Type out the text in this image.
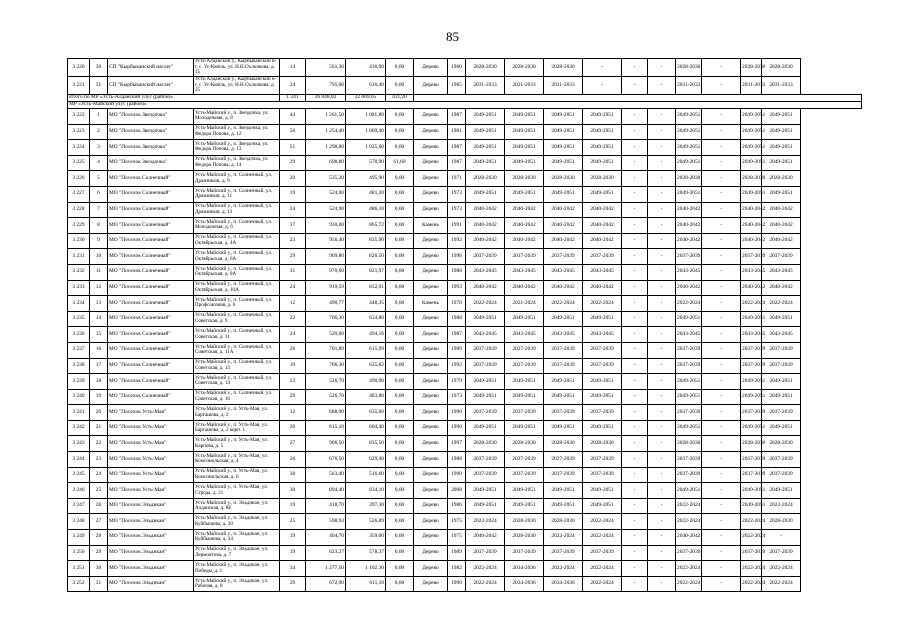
85
3 220	30	СП "Кырбыканский наслег"	Усть-Алданский у., Кырбыканский н-г, с. Ус-Кюёль, ул. Н.Н.Охлопкова, д. 15	14	561,30	436,00	0,00	Дерево	1960	2028-2030	2028-2030	2028-2030	-	-	-	2028-2030	-	2028-2030	2028-2030
3 221	31	СП "Кырбыканский наслег"	Усть-Алданский у., Кырбыканский н-г, с. Ус-Кюёль, ул. Н.Н.Охлопкова, д. 25	24	795,00	616,40	0,00	Дерево	1985	2031-2033	2031-2033	2031-2033	-	-	-	2031-2033	-	2031-2033	2031-2033
Итого по МР «Усть-Алданский улус (район)»				1 241	26 048,02	22 669,65	431,20												
МР «Усть-Майский улус (район)»																			
3 222	1	МО "Поселок Звездочка"	Усть-Майский у., п. Звездочка, ул. Молодежная, д. 8	44	1 261,50	1 081,80	0,00	Дерево	1987	2049-2051	2049-2051	2049-2051	2049-2051	-	-	2049-2051	-	2049-2051	2049-2051
3 223	2	МО "Поселок Звездочка"	Усть-Майский у., п. Звездочка, ул. Федора Попова, д. 12	56	1 254,40	1 069,40	0,00	Дерево	1981	2049-2051	2049-2051	2049-2051	2049-2051	-	-	2049-2051	-	2049-2051	2049-2051
3 224	3	МО "Поселок Звездочка"	Усть-Майский у., п. Звездочка, ул. Федора Попова, д. 13	51	1 298,80	1 025,60	0,00	Дерево	1987	2049-2051	2049-2051	2049-2051	2049-2051	-	-	2049-2051	-	2049-2051	2049-2051
3 225	4	МО "Поселок Звездочка"	Усть-Майский у., п. Звездочка, ул. Федора Попова, д. 14	29	698,80	570,90	61,60	Дерево	1987	2049-2051	2049-2051	2049-2051	2049-2051	-	-	2049-2051	-	2049-2051	2049-2051
3 226	5	МО "Поселок Солнечный"	Усть-Майский у., п. Солнечный, ул. Дражников, д. 9	20	535,20	495,90	0,00	Дерево	1971	2028-2030	2028-2030	2028-2030	2028-2030	-	-	2028-2030	-	2028-2030	2028-2030
3 227	6	МО "Поселок Солнечный"	Усть-Майский у., п. Солнечный, ул. Дражников, д. 11	19	524,00	481,20	0,00	Дерево	1973	2049-2051	2049-2051	2049-2051	2049-2051	-	-	2049-2051	-	2049-2051	2049-2051
3 228	7	МО "Поселок Солнечный"	Усть-Майский у., п. Солнечный, ул. Дражников, д. 13	24	524,90	486,10	0,00	Дерево	1973	2040-2042	2040-2042	2040-2042	2040-2042	-	-	2040-2042	-	2040-2042	2040-2042
3 229	8	МО "Поселок Солнечный"	Усть-Майский у., п. Солнечный, ул. Молодежная, д. 6	37	930,00	865,72	0,00	Камень	1991	2040-2042	2040-2042	2040-2042	2040-2042	-	-	2040-2042	-	2040-2042	2040-2042
3 230	9	МО "Поселок Солнечный"	Усть-Майский у., п. Солнечный, ул. Октябрьская, д. 4А	23	956,40	835,90	0,00	Дерево	1992	2040-2042	2040-2042	2040-2042	2040-2042	-	-	2040-2042	-	2040-2042	2040-2042
3 231	10	МО "Поселок Солнечный"	Усть-Майский у., п. Солнечный, ул. Октябрьская, д. 6А	29	969,80	826,50	0,00	Дерево	1996	2037-2039	2037-2039	2037-2039	2037-2039	-	-	2037-2039	-	2037-2039	2037-2039
3 232	11	МО "Поселок Солнечный"	Усть-Майский у., п. Солнечный, ул. Октябрьская, д. 8А	31	970,60	821,97	0,00	Дерево	1988	2043-2045	2043-2045	2043-2045	2043-2045	-	-	2043-2045	-	2043-2045	2043-2045
3 233	12	МО "Поселок Солнечный"	Усть-Майский у., п. Солнечный, ул. Октябрьская, д. 10А	24	919,59	832,01	0,00	Дерево	1993	2040-2042	2040-2042	2040-2042	2040-2042	-	-	2040-2042	-	2040-2042	2040-2042
3 234	13	МО "Поселок Солнечный"	Усть-Майский у., п. Солнечный, ул. Профсоюзная, д. 6	12	490,77	448,35	0,00	Камень	1978	2022-2024	2021-2024	2022-2024	2022-2024	-	-	2022-2024	-	2022-2024	2022-2024
3 235	14	МО "Поселок Солнечный"	Усть-Майский у., п. Солнечный, ул. Советская, д. 9	22	706,30	634,80	0,00	Дерево	1988	2049-2051	2049-2051	2049-2051	2049-2051	-	-	2049-2051	-	2049-2051	2049-2051
3 236	15	МО "Поселок Солнечный"	Усть-Майский у., п. Солнечный, ул. Советская, д. 11	24	520,60	494,16	0,00	Дерево	1987	2043-2045	2043-2045	2043-2045	2043-2045	-	-	2043-2045	-	2043-2045	2043-2045
3 237	16	МО "Поселок Солнечный"	Усть-Майский у., п. Солнечный, ул. Советская, д. 11А	26	701,89	615,09	0,00	Дерево	1989	2037-2039	2037-2039	2037-2039	2037-2039	-	-	2037-2039	-	2037-2039	2037-2039
3 238	17	МО "Поселок Солнечный"	Усть-Майский у., п. Солнечный, ул. Советская, д. 13	19	706,30	625,82	0,00	Дерево	1992	2037-2039	2037-2039	2037-2039	2037-2039	-	-	2037-2039	-	2037-2039	2037-2039
3 239	18	МО "Поселок Солнечный"	Усть-Майский у., п. Солнечный, ул. Советская, д. 14	23	526,70	490,90	0,00	Дерево	1979	2049-2051	2049-2051	2049-2051	2049-2051	-	-	2049-2051	-	2049-2051	2049-2051
3 240	19	МО "Поселок Солнечный"	Усть-Майский у., п. Солнечный, ул. Советская, д. 16	29	526,70	483,80	0,00	Дерево	1973	2049-2051	2049-2051	2049-2051	2049-2051	-	-	2049-2051	-	2049-2051	2049-2051
3 241	20	МО "Поселок Усть-Мая"	Усть-Майский у., п. Усть-Мая, ул. Барташова, д. 2	12	688,90	635,00	0,00	Дерево	1990	2037-2039	2037-2039	2037-2039	2037-2039	-	-	2037-2039	-	2037-2039	2037-2039
3 242	21	МО "Поселок Усть-Мая"	Усть-Майский у., п. Усть-Мая, ул. Барташова, д. 2 корп. 1	20	615,10	604,40	0,00	Дерево	1990	2049-2051	2049-2051	2049-2051	2049-2051	-	-	2049-2051	-	2049-2051	2049-2051
3 243	22	МО "Поселок Усть-Мая"	Усть-Майский у., п. Усть-Мая, ул. Карпова, д. 5	27	906,50	835,50	0,00	Дерево	1997	2028-2030	2028-2030	2028-2030	2028-2030	-	-	2028-2030	-	2028-2030	2028-2030
3 244	23	МО "Поселок Усть-Мая"	Усть-Майский у., п. Усть-Мая, ул. Комсомольская, д. 4	26	676,50	629,40	0,00	Дерево	1988	2037-2039	2037-2039	2037-2039	2037-2039	-	-	2037-2039	-	2037-2039	2037-2039
3 245	24	МО "Поселок Усть-Мая"	Усть-Майский у., п. Усть-Мая, ул. Комсомольская, д. 6	38	563,40	516,60	0,00	Дерево	1990	2037-2039	2037-2039	2037-2039	2037-2039	-	-	2037-2039	-	2037-2039	2037-2039
3 246	25	МО "Поселок Усть-Мая"	Усть-Майский у., п. Усть-Мая, ул. Строда, д. 21	30	894,40	834,10	0,00	Дерево	2008	2049-2051	2049-2051	2049-2051	2049-2051	-	-	2049-2051	-	2049-2051	2049-2051
3 247	26	МО "Поселок Эльдикан"	Усть-Майский у., п. Эльдикан, ул. Алданская, д. 8Е	19	418,70	397,30	0,00	Дерево	1986	2049-2051	2049-2051	2049-2051	2049-2051	-	-	2022-2024	-	2049-2051	2022-2024
3 248	27	МО "Поселок Эльдикан"	Усть-Майский у., п. Эльдикан, ул. Куйбышева, д. 30	25	598,93	526,89	0,00	Дерево	1975	2022-2024	2028-2030	2028-2030	2022-2024	-	-	2022-2024	-	2022-2024	2028-2030
3 249	28	МО "Поселок Эльдикан"	Усть-Майский у., п. Эльдикан, ул. Куйбышева, д. 34	19	404,70	359,00	0,00	Дерево	1975	2040-2042	2028-2030	2022-2024	2022-2024	-	-	2040-2042	-	2022-2024	-
3 250	29	МО "Поселок Эльдикан"	Усть-Майский у., п. Эльдикан, ул. Лермонтова, д. 7	19	623,27	578,37	0,00	Дерево	1989	2037-2039	2037-2039	2037-2039	2037-2039	-	-	2037-2039	-	2037-2039	2037-2039
3 251	30	МО "Поселок Эльдикан"	Усть-Майский у., п. Эльдикан, ул. Победы, д. 1	34	1 277,50	1 102,30	0,00	Дерево	1982	2022-2024	2034-2036	2022-2024	2022-2024	-	-	2022-2024	-	2022-2024	2022-2024
3 252	31	МО "Поселок Эльдикан"	Усть-Майский у., п. Эльдикан, ул. Рабочая, д. 8	29	672,90	611,10	0,00	Дерево	1990	2022-2024	2034-2036	2034-2036	2022-2024	-	-	2022-2024	-	2022-2024	2022-2024
